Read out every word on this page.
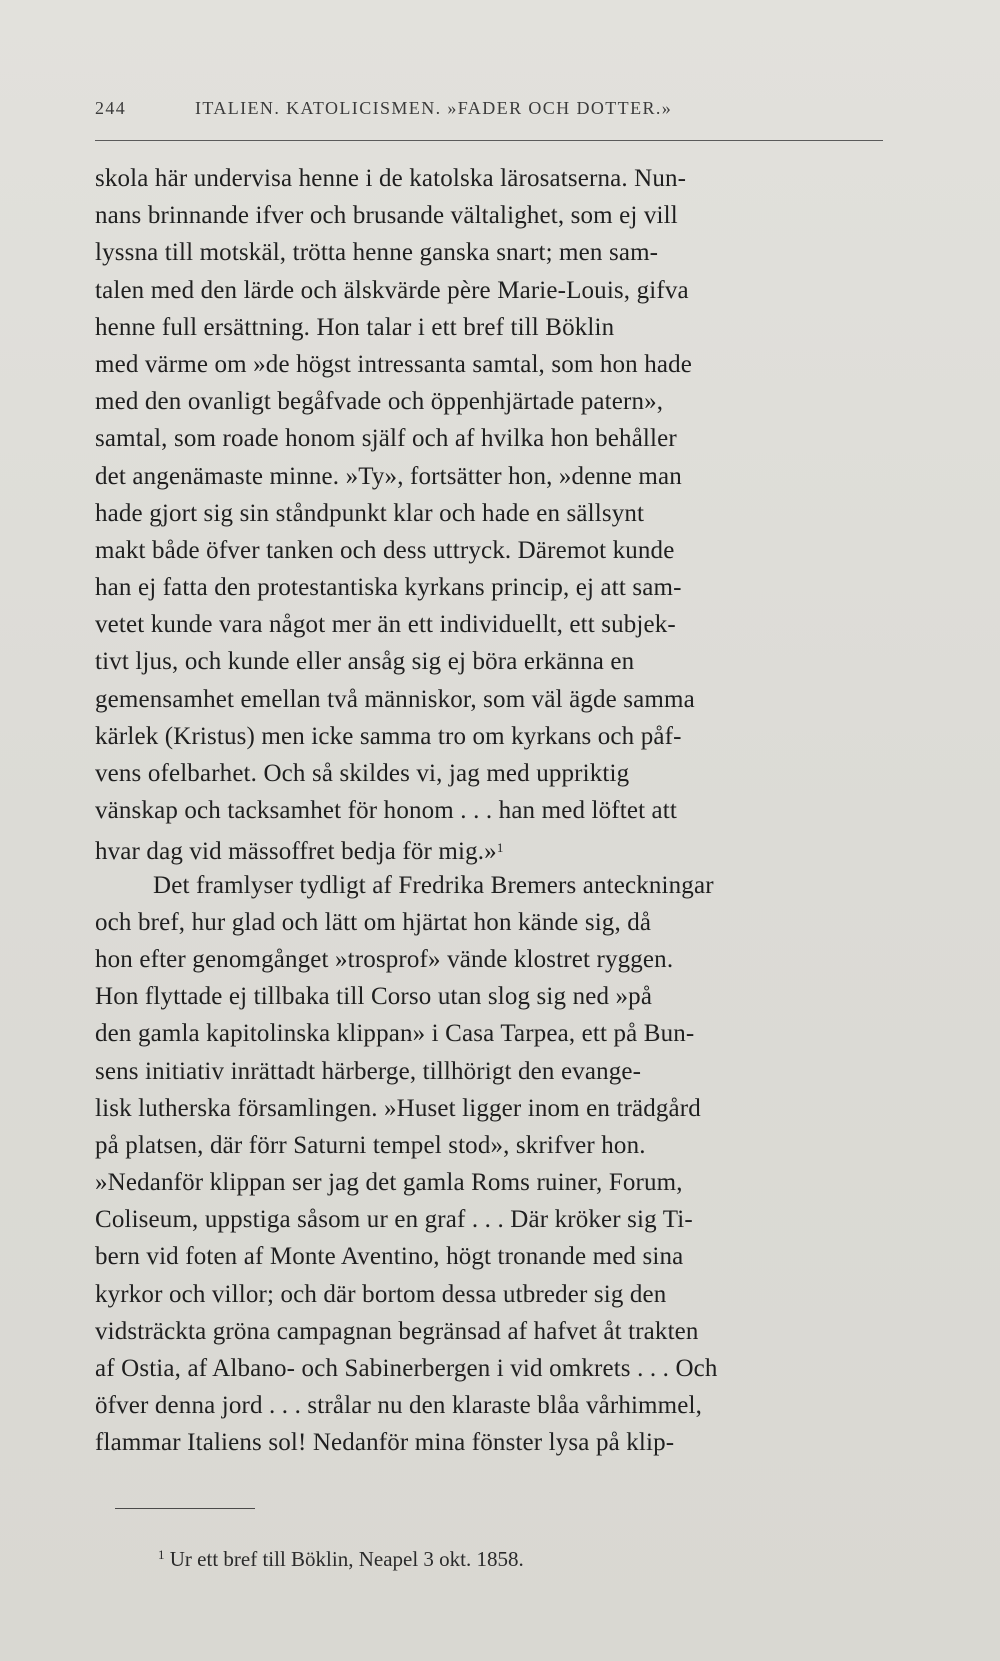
244	ITALIEN. KATOLICISMEN. »FADER OCH DOTTER.»
skola här undervisa henne i de katolska lärosatserna. Nun-
nans brinnande ifver och brusande vältalighet, som ej vill
lyssna till motskäl, trötta henne ganska snart; men sam-
talen med den lärde och älskvärde père Marie-Louis, gifva
henne full ersättning. Hon talar i ett bref till Böklin
med värme om »de högst intressanta samtal, som hon hade
med den ovanligt begåfvade och öppenhjärtade patern»,
samtal, som roade honom själf och af hvilka hon behåller
det angenämaste minne. »Ty», fortsätter hon, »denne man
hade gjort sig sin ståndpunkt klar och hade en sällsynt
makt både öfver tanken och dess uttryck. Däremot kunde
han ej fatta den protestantiska kyrkans princip, ej att sam-
vetet kunde vara något mer än ett individuellt, ett subjek-
tivt ljus, och kunde eller ansåg sig ej böra erkänna en
gemensamhet emellan två människor, som väl ägde samma
kärlek (Kristus) men icke samma tro om kyrkans och påf-
vens ofelbarhet. Och så skildes vi, jag med uppriktig
vänskap och tacksamhet för honom . . . han med löftet att
hvar dag vid mässoffret bedja för mig.»$^1$
Det framlyser tydligt af Fredrika Bremers anteckningar
och bref, hur glad och lätt om hjärtat hon kände sig, då
hon efter genomgånget »trosprof» vände klostret ryggen.
Hon flyttade ej tillbaka till Corso utan slog sig ned »på
den gamla kapitolinska klippan» i Casa Tarpea, ett på Bun-
sens initiativ inrättadt härberge, tillhörigt den evange-
lisk lutherska församlingen. »Huset ligger inom en trädgård
på platsen, där förr Saturni tempel stod», skrifver hon.
»Nedanför klippan ser jag det gamla Roms ruiner, Forum,
Coliseum, uppstiga såsom ur en graf . . . Där kröker sig Ti-
bern vid foten af Monte Aventino, högt tronande med sina
kyrkor och villor; och där bortom dessa utbreder sig den
vidsträckta gröna campagnan begränsad af hafvet åt trakten
af Ostia, af Albano- och Sabinerbergen i vid omkrets . . . Och
öfver denna jord . . . strålar nu den klaraste blåa vårhimmel,
flammar Italiens sol! Nedanför mina fönster lysa på klip-
$^1$ Ur ett bref till Böklin, Neapel 3 okt. 1858.
